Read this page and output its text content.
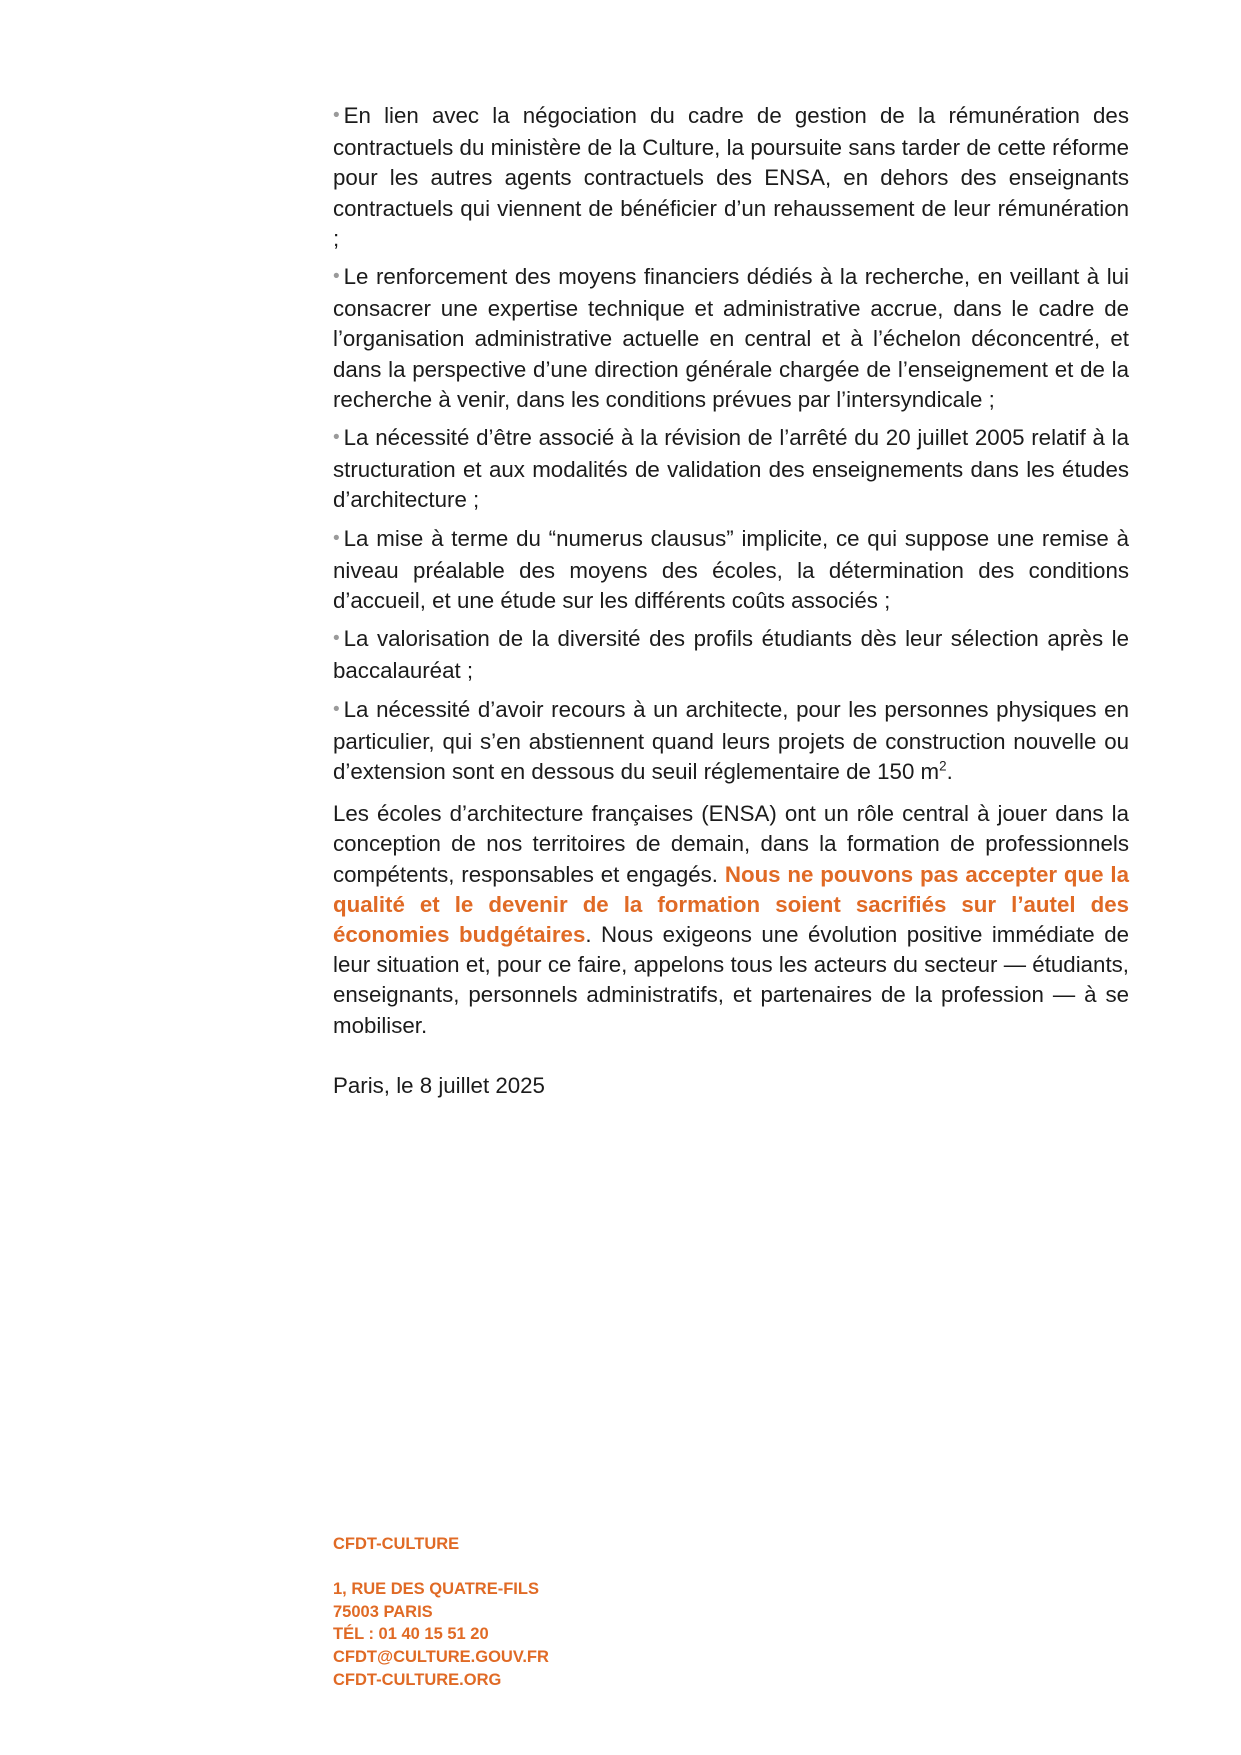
• En lien avec la négociation du cadre de gestion de la rémunération des contractuels du ministère de la Culture, la poursuite sans tarder de cette réforme pour les autres agents contractuels des ENSA, en dehors des enseignants contractuels qui viennent de bénéficier d’un rehaussement de leur rémunération ;

• Le renforcement des moyens financiers dédiés à la recherche, en veillant à lui consacrer une expertise technique et administrative accrue, dans le cadre de l’organisation administrative actuelle en central et à l’échelon déconcentré, et dans la perspective d’une direction générale chargée de l’enseignement et de la recherche à venir, dans les conditions prévues par l’intersyndicale ;

• La nécessité d’être associé à la révision de l’arrêté du 20 juillet 2005 relatif à la structuration et aux modalités de validation des enseignements dans les études d’architecture ;

• La mise à terme du “numerus clausus” implicite, ce qui suppose une remise à niveau préalable des moyens des écoles, la détermination des conditions d’accueil, et une étude sur les différents coûts associés ;

• La valorisation de la diversité des profils étudiants dès leur sélection après le baccalauréat ;

• La nécessité d’avoir recours à un architecte, pour les personnes physiques en particulier, qui s’en abstiennent quand leurs projets de construction nouvelle ou d’extension sont en dessous du seuil réglementaire de 150 $m^2$.

Les écoles d’architecture françaises (ENSA) ont un rôle central à jouer dans la conception de nos territoires de demain, dans la formation de professionnels compétents, responsables et engagés. Nous ne pouvons pas accepter que la qualité et le devenir de la formation soient sacrifiés sur l’autel des économies budgétaires. Nous exigeons une évolution positive immédiate de leur situation et, pour ce faire, appelons tous les acteurs du secteur — étudiants, enseignants, personnels administratifs, et partenaires de la profession — à se mobiliser.

Paris, le 8 juillet 2025

CFDT-CULTURE
1, RUE DES QUATRE-FILS
75003 PARIS
TÉL : 01 40 15 51 20
CFDT@CULTURE.GOUV.FR
CFDT-CULTURE.ORG
